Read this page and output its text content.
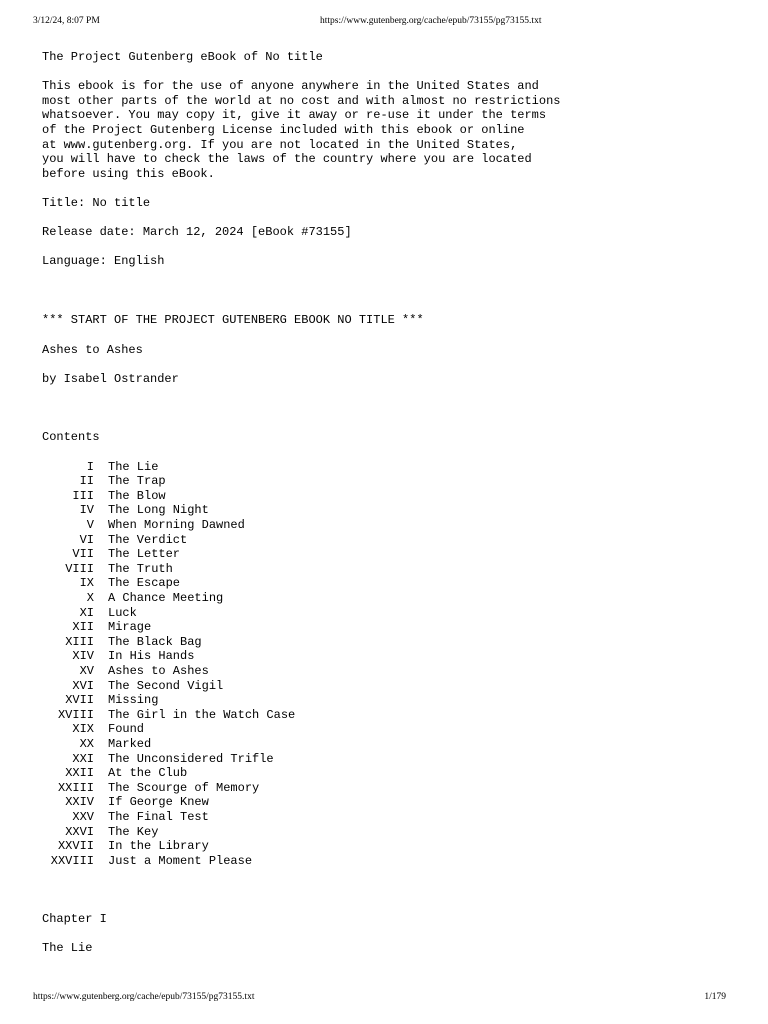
3/12/24, 8:07 PM	https://www.gutenberg.org/cache/epub/73155/pg73155.txt
The Project Gutenberg eBook of No title
This ebook is for the use of anyone anywhere in the United States and
most other parts of the world at no cost and with almost no restrictions
whatsoever. You may copy it, give it away or re-use it under the terms
of the Project Gutenberg License included with this ebook or online
at www.gutenberg.org. If you are not located in the United States,
you will have to check the laws of the country where you are located
before using this eBook.
Title: No title
Release date: March 12, 2024 [eBook #73155]
Language: English
*** START OF THE PROJECT GUTENBERG EBOOK NO TITLE ***
Ashes to Ashes
by Isabel Ostrander
Contents
I The Lie
II The Trap
III The Blow
IV The Long Night
V When Morning Dawned
VI The Verdict
VII The Letter
VIII The Truth
IX The Escape
X A Chance Meeting
XI Luck
XII Mirage
XIII The Black Bag
XIV In His Hands
XV Ashes to Ashes
XVI The Second Vigil
XVII Missing
XVIII The Girl in the Watch Case
XIX Found
XX Marked
XXI The Unconsidered Trifle
XXII At the Club
XXIII The Scourge of Memory
XXIV If George Knew
XXV The Final Test
XXVI The Key
XXVII In the Library
XXVIII Just a Moment Please
Chapter I
The Lie
https://www.gutenberg.org/cache/epub/73155/pg73155.txt	1/179
